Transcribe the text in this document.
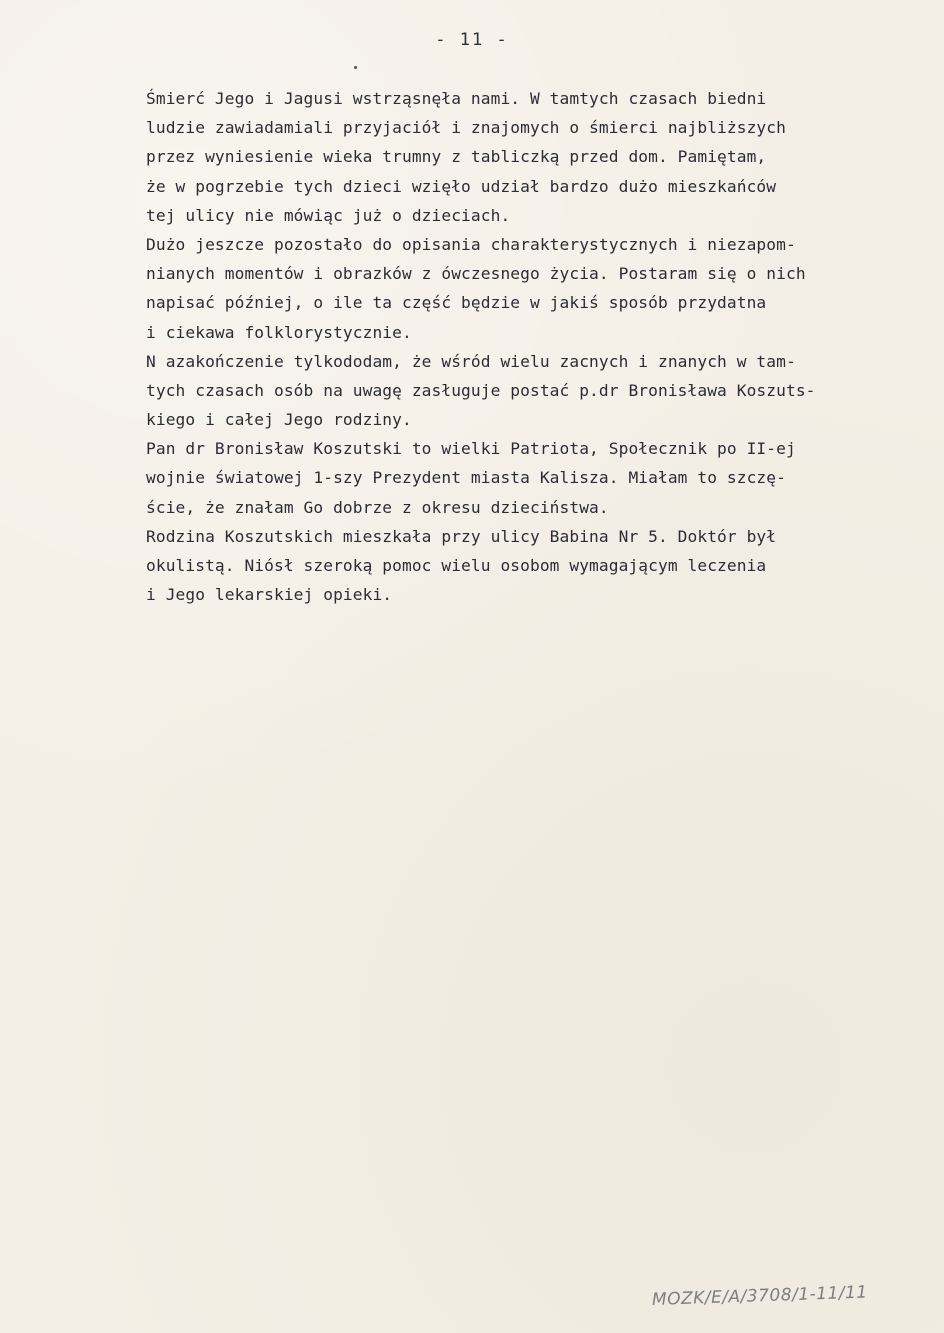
- 11 -
Śmierć Jego i Jagusi wstrząsnęła nami. W tamtych czasach biedni
ludzie zawiadamiali przyjaciół i znajomych o śmierci najbliższych
przez wyniesienie wieka trumny z tabliczką przed dom. Pamiętam,
że w pogrzebie tych dzieci wzięło udział bardzo dużo mieszkańców
tej ulicy nie mówiąc już o dzieciach.
Dużo jeszcze pozostało do opisania charakterystycznych i niezapom-
nianych momentów i obrazków z ówczesnego życia. Postaram się o nich
napisać później, o ile ta część będzie w jakiś sposób przydatna
i ciekawa folklorystycznie.
N azakończenie tylkododam, że wśród wielu zacnych i znanych w tam-
tych czasach osób na uwagę zasługuje postać p.dr Bronisława Koszuts-
kiego i całej Jego rodziny.
Pan dr Bronisław Koszutski to wielki Patriota, Społecznik po II-ej
wojnie światowej 1-szy Prezydent miasta Kalisza. Miałam to szczę-
ście, że znałam Go dobrze z okresu dzieciństwa.
Rodzina Koszutskich mieszkała przy ulicy Babina Nr 5. Doktór był
okulistą. Niósł szeroką pomoc wielu osobom wymagającym leczenia
i Jego lekarskiej opieki.
MOZK/E/A/3708/1-11/11
